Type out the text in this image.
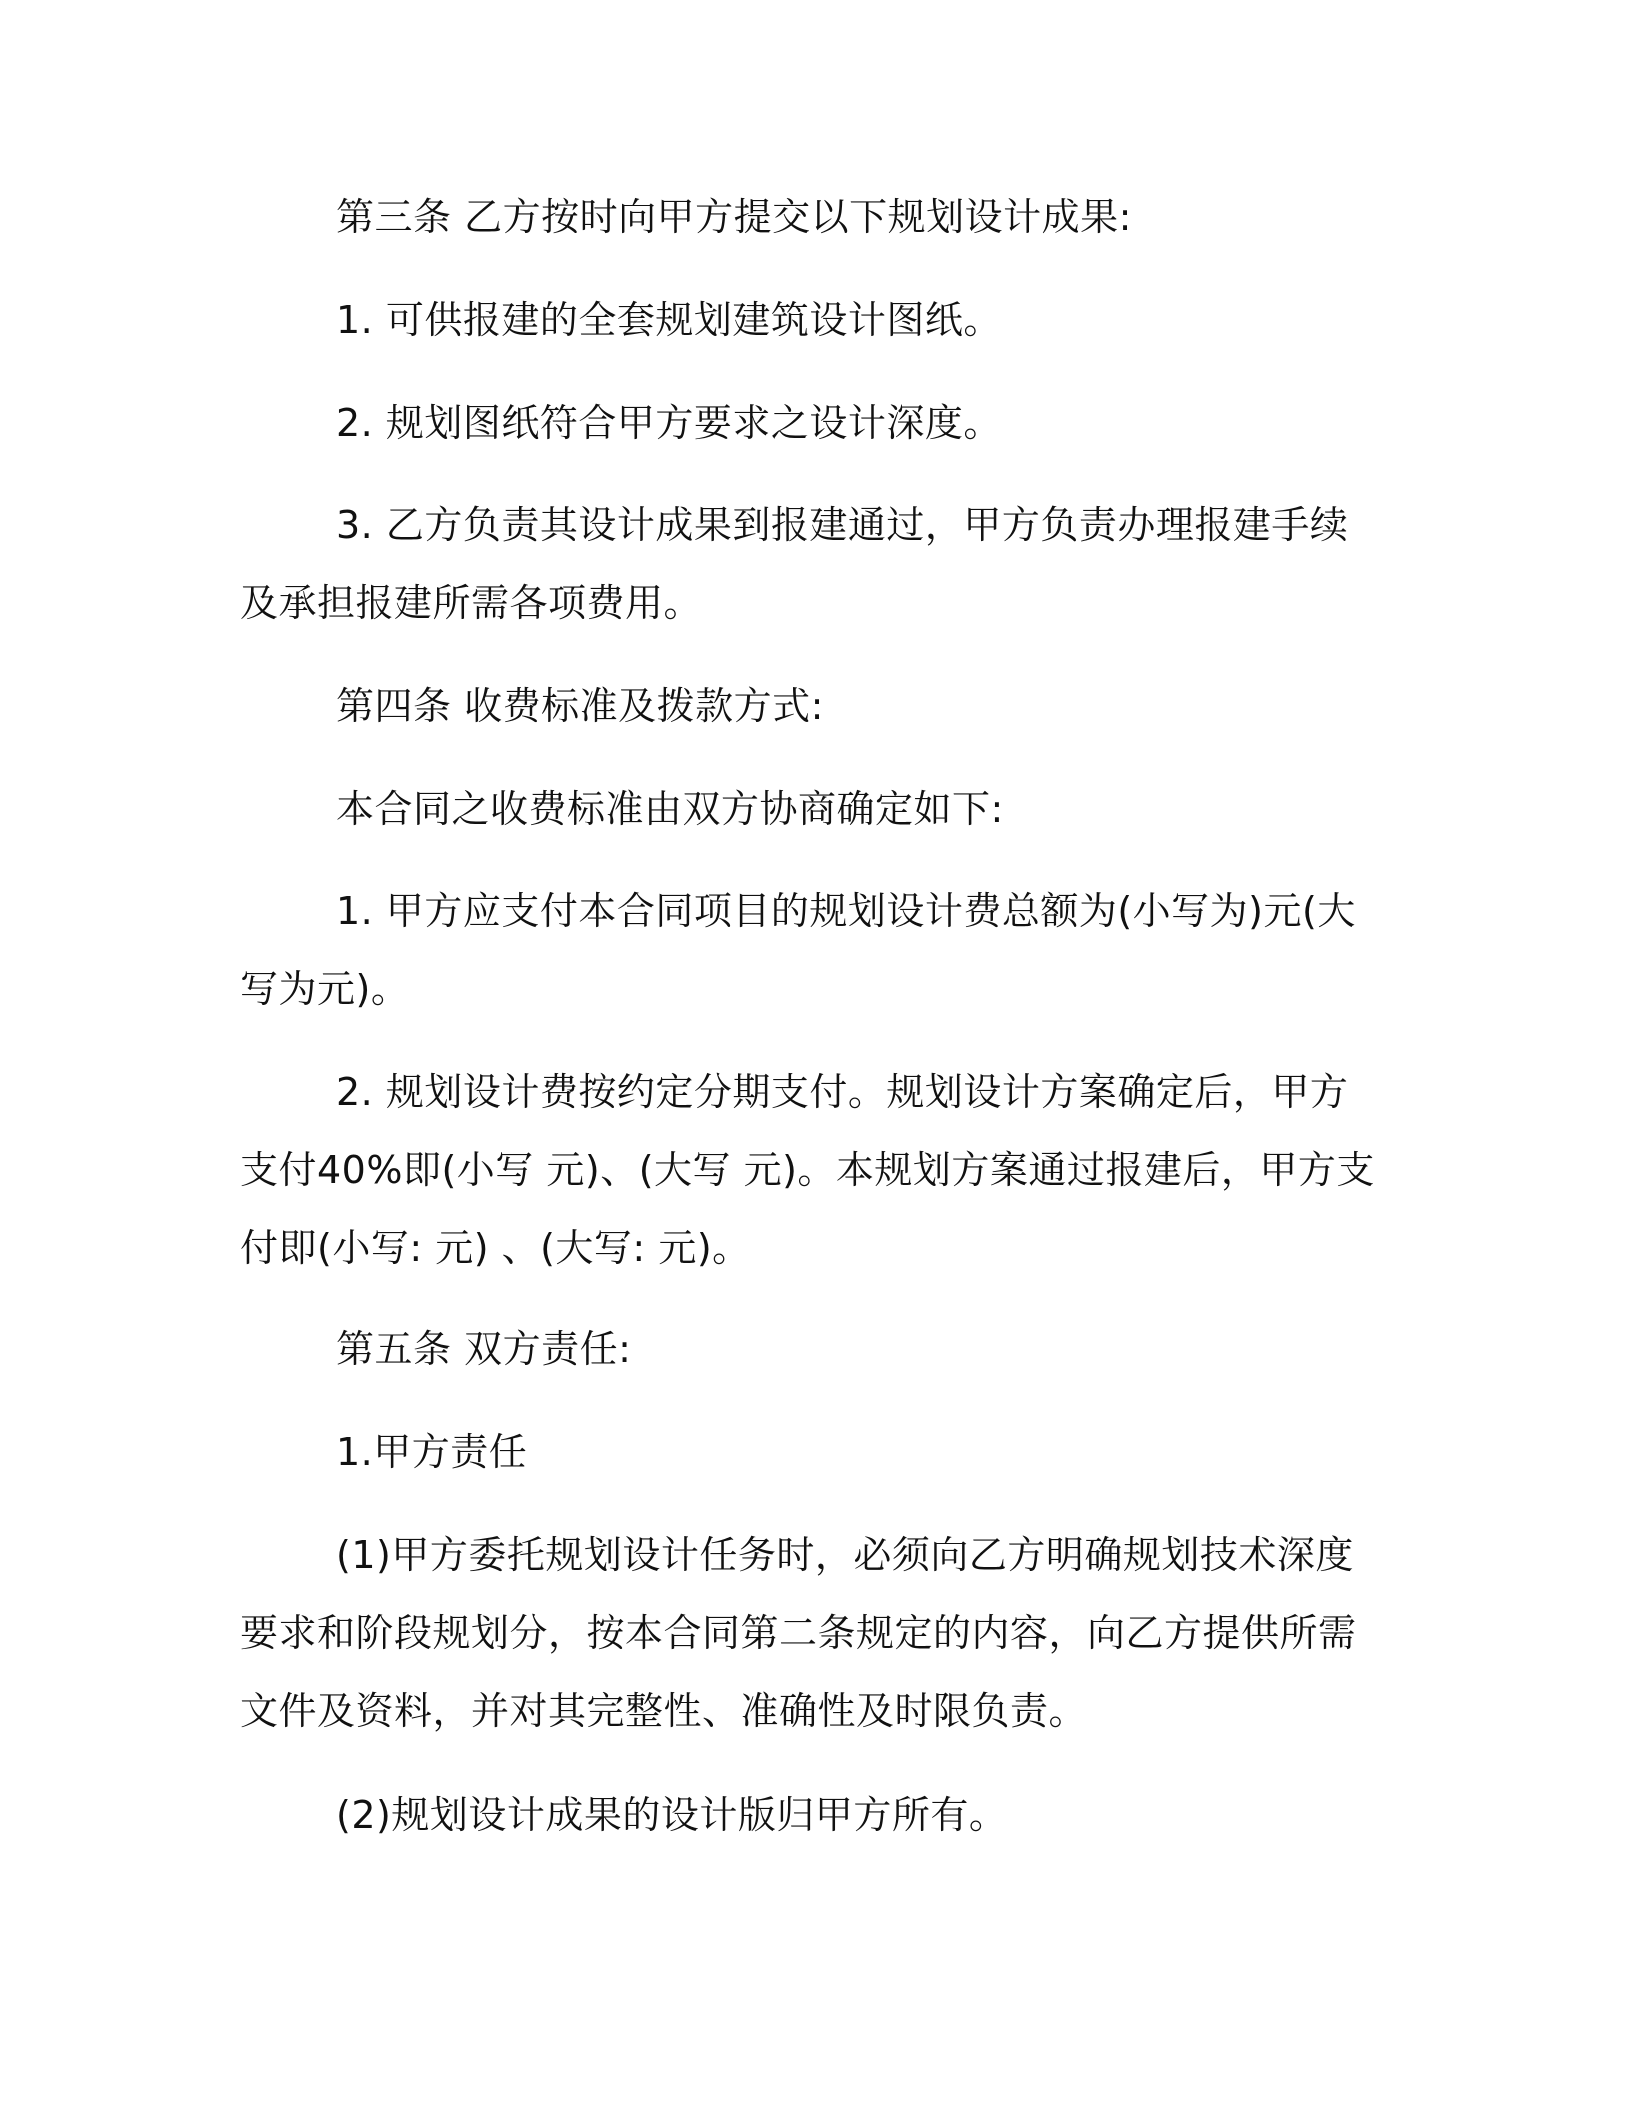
第三条 乙方按时向甲方提交以下规划设计成果:

1. 可供报建的全套规划建筑设计图纸。

2. 规划图纸符合甲方要求之设计深度。

3. 乙方负责其设计成果到报建通过，甲方负责办理报建手续及承担报建所需各项费用。

第四条 收费标准及拨款方式:

本合同之收费标准由双方协商确定如下:

1. 甲方应支付本合同项目的规划设计费总额为(小写为)元(大写为元)。

2. 规划设计费按约定分期支付。规划设计方案确定后，甲方支付40%即(小写 元)、(大写 元)。本规划方案通过报建后，甲方支付即(小写: 元) 、(大写: 元)。

第五条 双方责任:

1.甲方责任

(1)甲方委托规划设计任务时，必须向乙方明确规划技术深度要求和阶段规划分，按本合同第二条规定的内容，向乙方提供所需文件及资料，并对其完整性、准确性及时限负责。

(2)规划设计成果的设计版归甲方所有。
